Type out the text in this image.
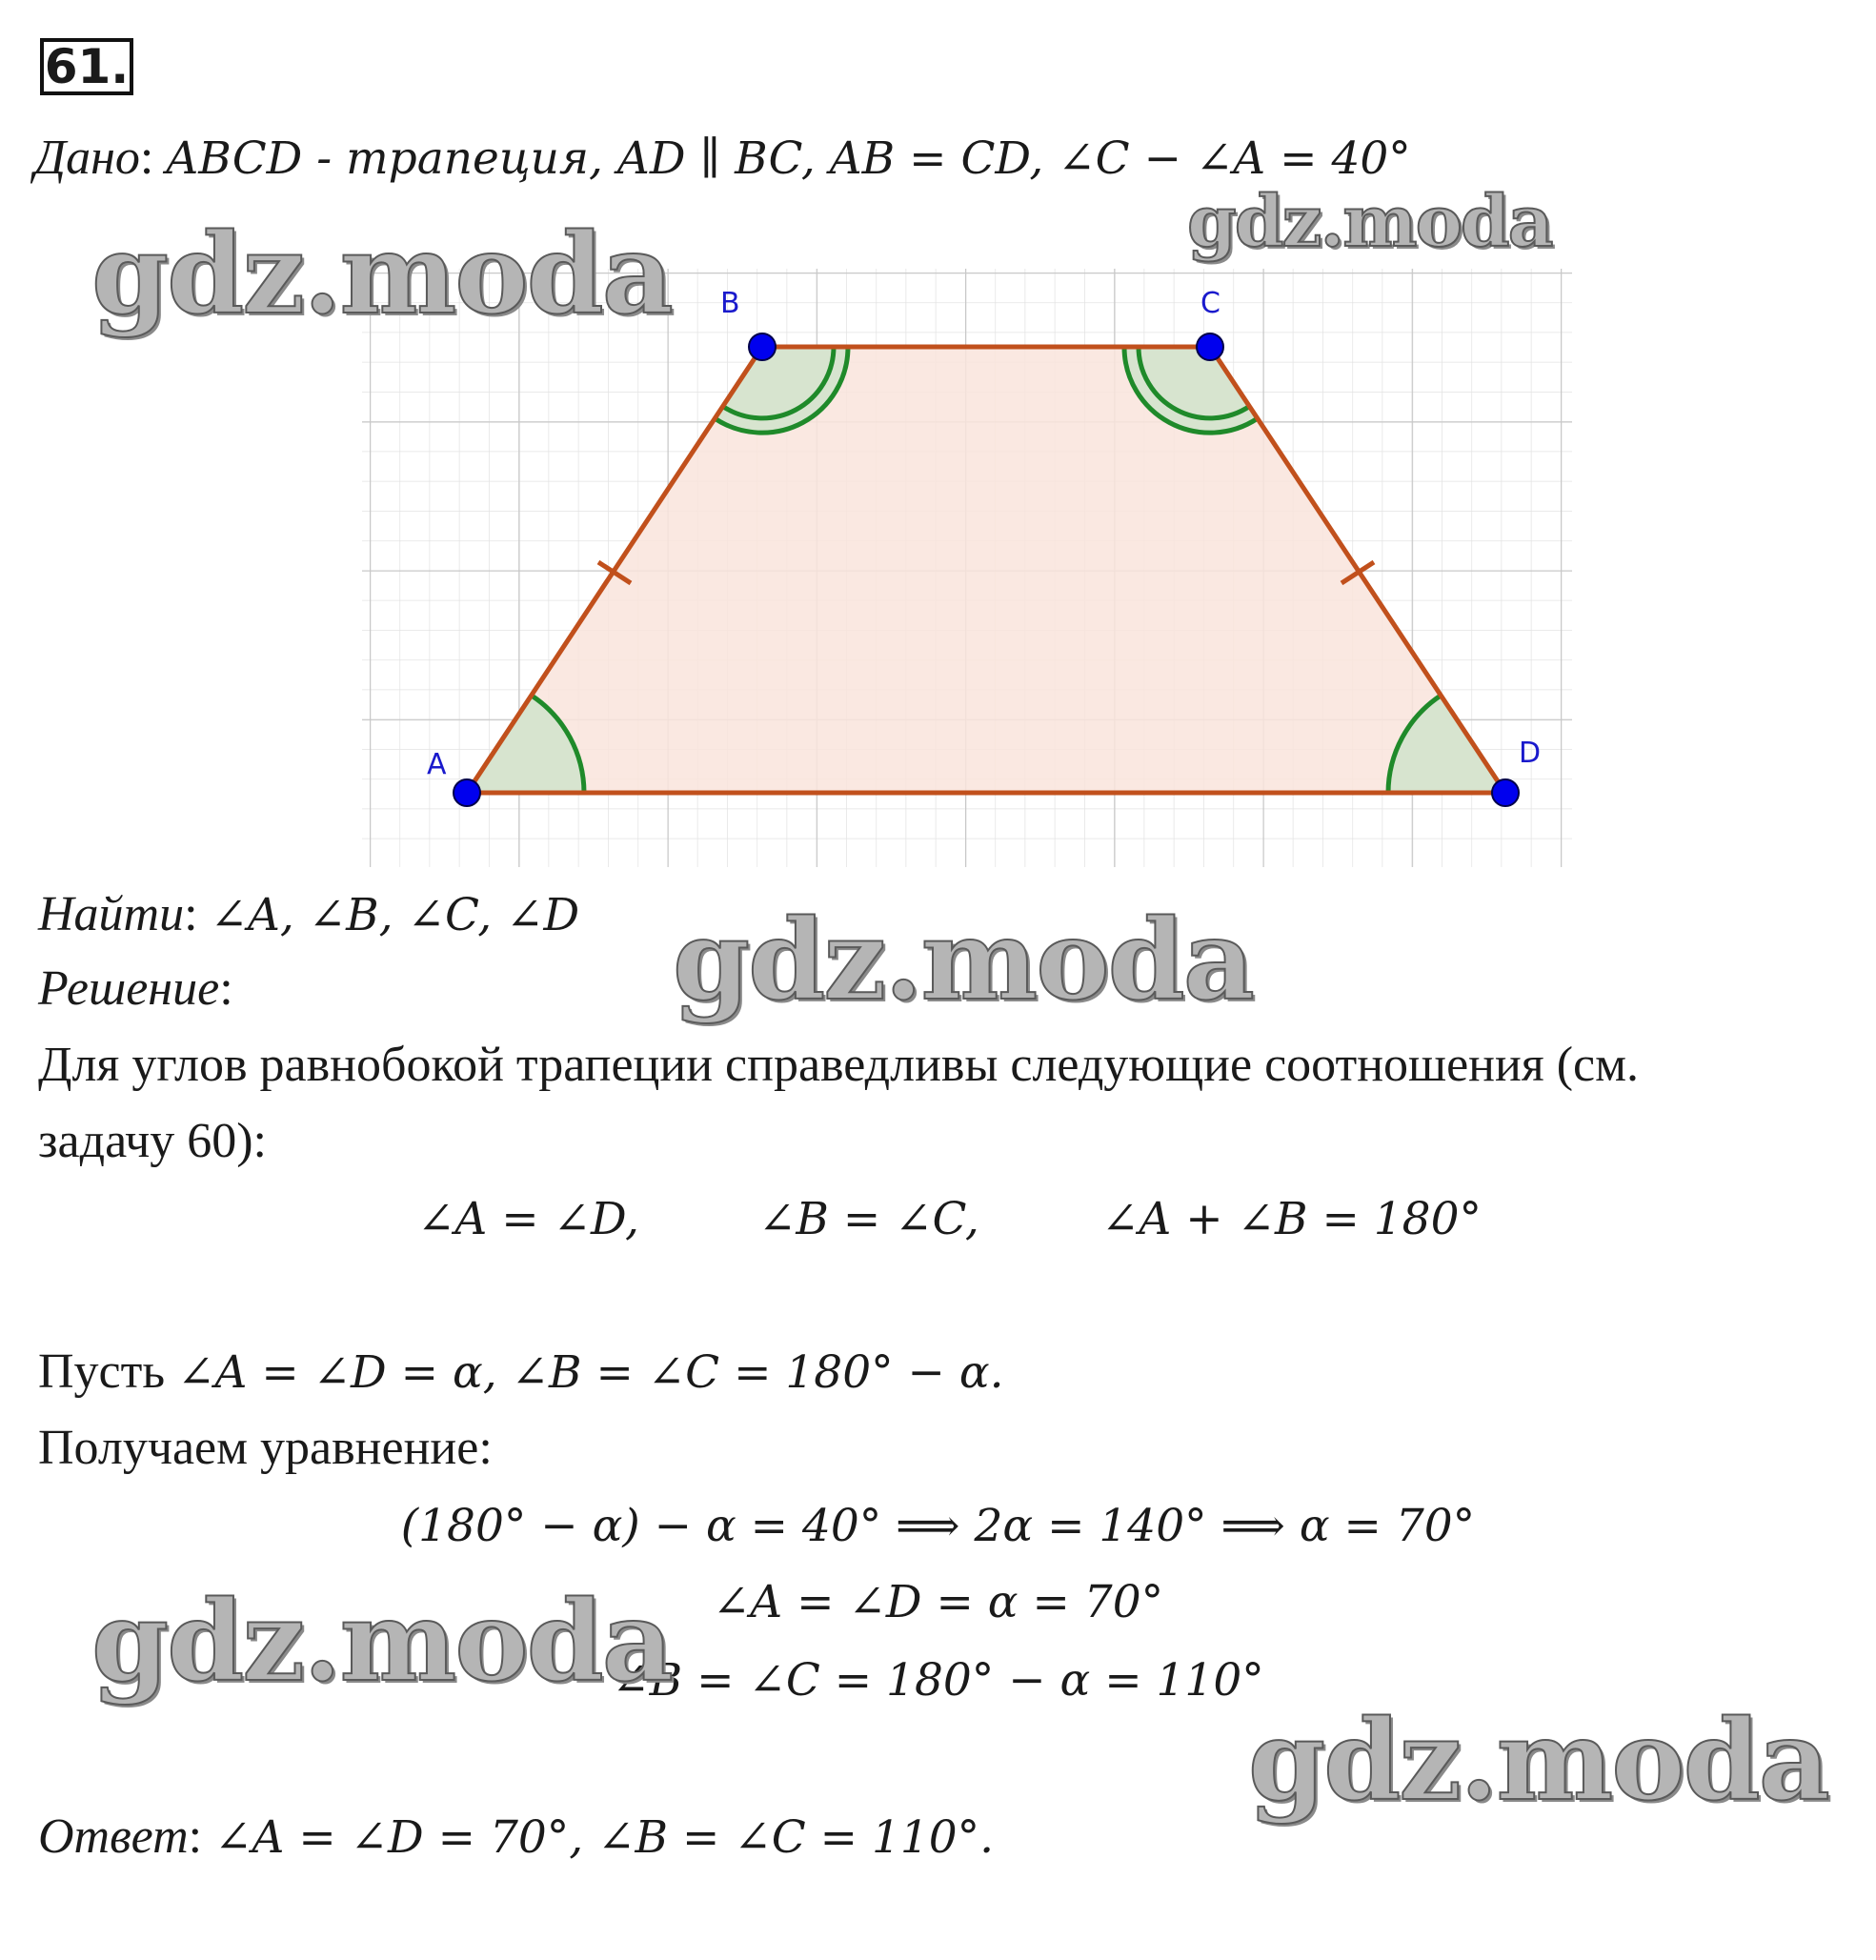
61.
Дано: ABCD - трапеция, AD ∥ BC, AB = CD, ∠C − ∠A = 40°
A
B	C
D
Найти: ∠A, ∠B, ∠C, ∠D
Решение:
Для углов равнобокой трапеции справедливы следующие соотношения (см.
задачу 60):
∠A = ∠D,	∠B = ∠C,	∠A + ∠B = 180°
Пусть ∠A = ∠D = α, ∠B = ∠C = 180° − α.
Получаем уравнение:
(180° − α) − α = 40° ⟹ 2α = 140° ⟹ α = 70°
∠A = ∠D = α = 70°
∠B = ∠C = 180° − α = 110°
Ответ: ∠A = ∠D = 70°, ∠B = ∠C = 110°.
gdz.moda	gdz.moda
gdz.moda
gdz.moda
gdz.moda
